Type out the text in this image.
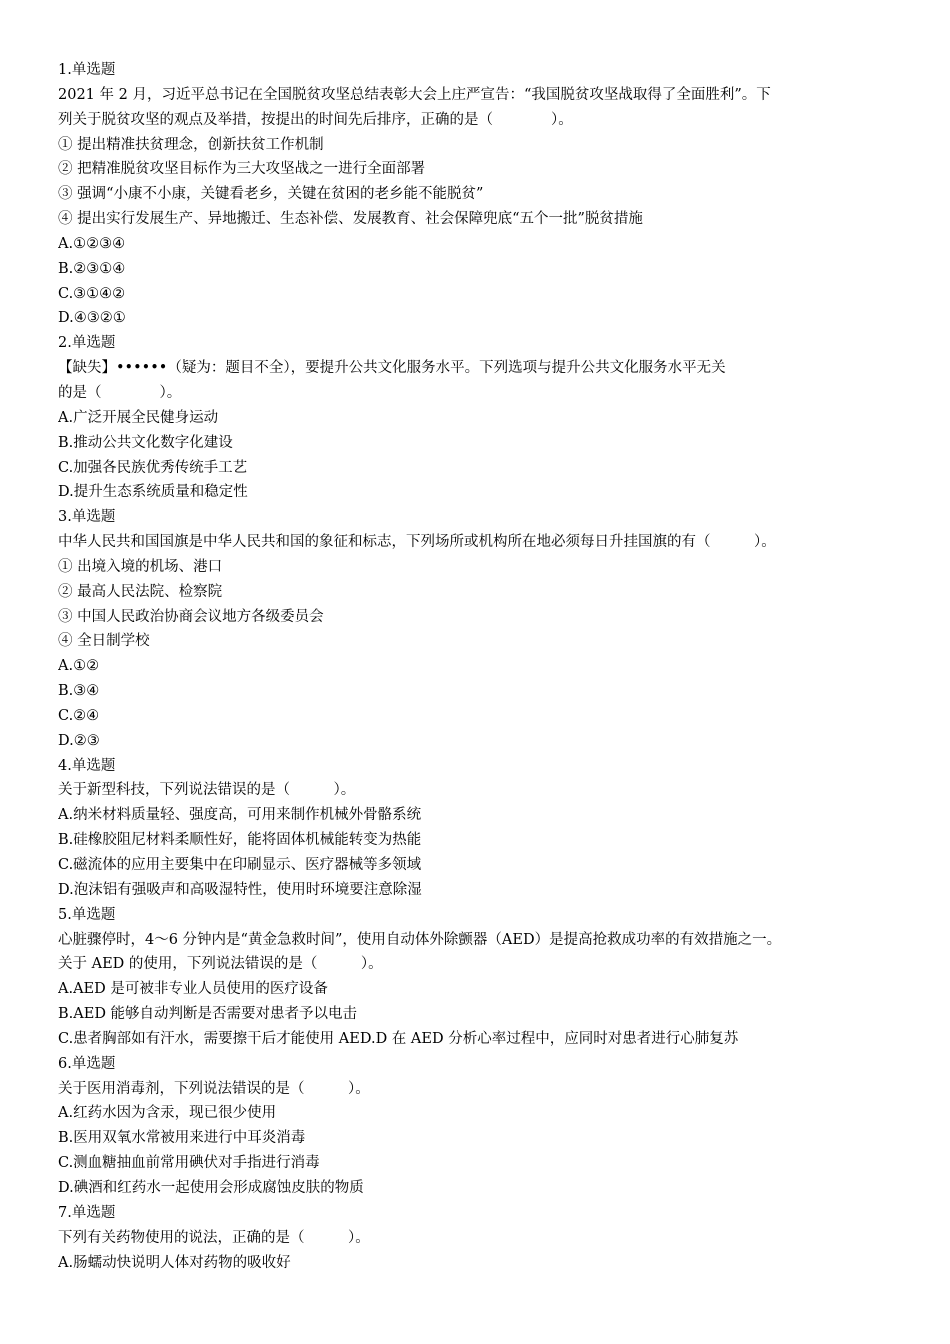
1.单选题
2021 年 2 月，习近平总书记在全国脱贫攻坚总结表彰大会上庄严宣告：“我国脱贫攻坚战取得了全面胜利”。下
列关于脱贫攻坚的观点及举措，按提出的时间先后排序，正确的是（　　　　）。
① 提出精准扶贫理念，创新扶贫工作机制
② 把精准脱贫攻坚目标作为三大攻坚战之一进行全面部署
③ 强调“小康不小康，关键看老乡，关键在贫困的老乡能不能脱贫”
④ 提出实行发展生产、异地搬迁、生态补偿、发展教育、社会保障兜底“五个一批”脱贫措施
A.①②③④
B.②③①④
C.③①④②
D.④③②①
2.单选题
【缺失】••••••（疑为：题目不全），要提升公共文化服务水平。下列选项与提升公共文化服务水平无关
的是（　　　　）。
A.广泛开展全民健身运动
B.推动公共文化数字化建设
C.加强各民族优秀传统手工艺
D.提升生态系统质量和稳定性
3.单选题
中华人民共和国国旗是中华人民共和国的象征和标志，下列场所或机构所在地必须每日升挂国旗的有（　　　）。
① 出境入境的机场、港口
② 最高人民法院、检察院
③ 中国人民政治协商会议地方各级委员会
④ 全日制学校
A.①②
B.③④
C.②④
D.②③
4.单选题
关于新型科技，下列说法错误的是（　　　）。
A.纳米材料质量轻、强度高，可用来制作机械外骨骼系统
B.硅橡胶阻尼材料柔顺性好，能将固体机械能转变为热能
C.磁流体的应用主要集中在印刷显示、医疗器械等多领域
D.泡沫铝有强吸声和高吸湿特性，使用时环境要注意除湿
5.单选题
心脏骤停时，4～6 分钟内是“黄金急救时间”，使用自动体外除颤器（AED）是提高抢救成功率的有效措施之一。
关于 AED 的使用，下列说法错误的是（　　　）。
A.AED 是可被非专业人员使用的医疗设备
B.AED 能够自动判断是否需要对患者予以电击
C.患者胸部如有汗水，需要擦干后才能使用 AED.D 在 AED 分析心率过程中，应同时对患者进行心肺复苏
6.单选题
关于医用消毒剂，下列说法错误的是（　　　）。
A.红药水因为含汞，现已很少使用
B.医用双氧水常被用来进行中耳炎消毒
C.测血糖抽血前常用碘伏对手指进行消毒
D.碘酒和红药水一起使用会形成腐蚀皮肤的物质
7.单选题
下列有关药物使用的说法，正确的是（　　　）。
A.肠蠕动快说明人体对药物的吸收好
